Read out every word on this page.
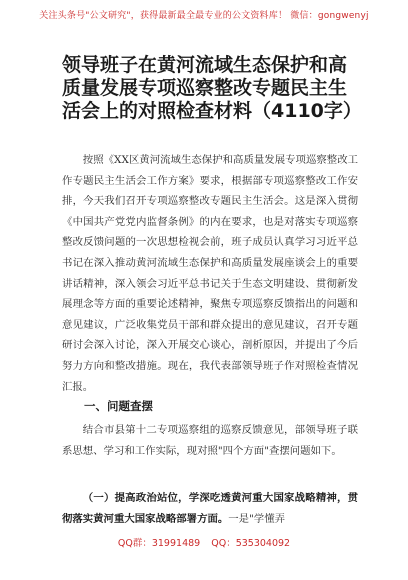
关注头条号"公文研究"，获得最新最全最专业的公文资料库！ 微信：gongwenyj
领导班子在黄河流域生态保护和高质量发展专项巡察整改专题民主生活会上的对照检查材料（4110字）

按照《XX区黄河流域生态保护和高质量发展专项巡察整改工作专题民主生活会工作方案》要求，根据部专项巡察整改工作安排，今天我们召开专项巡察整改专题民主生活会。这是深入贯彻《中国共产党党内监督条例》的内在要求，也是对落实专项巡察整改反馈问题的一次思想检视会前，班子成员认真学习习近平总书记在深入推动黄河流域生态保护和高质量发展座谈会上的重要讲话精神，深入领会习近平总书记关于生态文明建设、贯彻新发展理念等方面的重要论述精神，聚焦专项巡察反馈指出的问题和意见建议，广泛收集党员干部和群众提出的意见建议，召开专题研讨会深入讨论，深入开展交心谈心，剖析原因，并提出了今后努力方向和整改措施。现在，我代表部领导班子作对照检查情况汇报。

一、问题查摆

结合市县第十二专项巡察组的巡察反馈意见，部领导班子联系思想、学习和工作实际，现对照"四个方面"查摆问题如下。

（一）提高政治站位，学深吃透黄河重大国家战略精神，贯彻落实黄河重大国家战略部署方面。一是"学懂弄

QQ群：31991489 QQ：535304092
